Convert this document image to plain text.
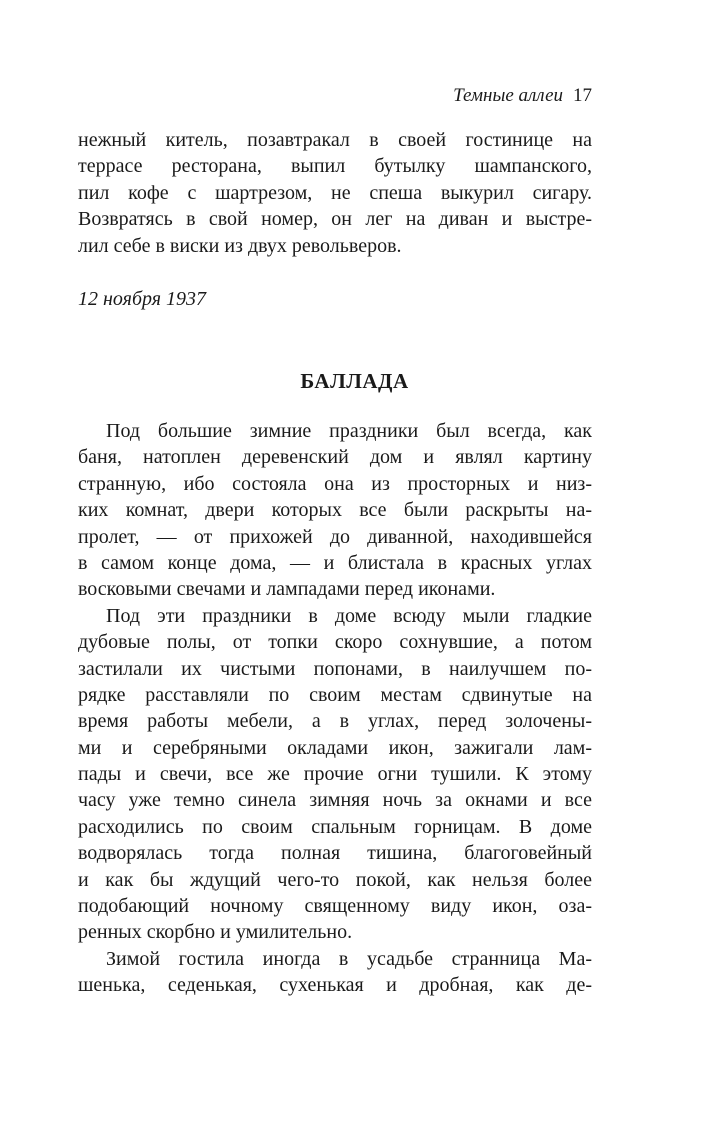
Темные аллеи 17
нежный китель, позавтракал в своей гостинице на
террасе ресторана, выпил бутылку шампанского,
пил кофе с шартрезом, не спеша выкурил сигару.
Возвратясь в свой номер, он лег на диван и выстре-
лил себе в виски из двух револьверов.
12 ноября 1937
БАЛЛАДА
Под большие зимние праздники был всегда, как
баня, натоплен деревенский дом и являл картину
странную, ибо состояла она из просторных и низ-
ких комнат, двери которых все были раскрыты на-
пролет, — от прихожей до диванной, находившейся
в самом конце дома, — и блистала в красных углах
восковыми свечами и лампадами перед иконами.
Под эти праздники в доме всюду мыли гладкие
дубовые полы, от топки скоро сохнувшие, а потом
застилали их чистыми попонами, в наилучшем по-
рядке расставляли по своим местам сдвинутые на
время работы мебели, а в углах, перед золочены-
ми и серебряными окладами икон, зажигали лам-
пады и свечи, все же прочие огни тушили. К этому
часу уже темно синела зимняя ночь за окнами и все
расходились по своим спальным горницам. В доме
водворялась тогда полная тишина, благоговейный
и как бы ждущий чего-то покой, как нельзя более
подобающий ночному священному виду икон, оза-
ренных скорбно и умилительно.
Зимой гостила иногда в усадьбе странница Ма-
шенька, седенькая, сухенькая и дробная, как де-
